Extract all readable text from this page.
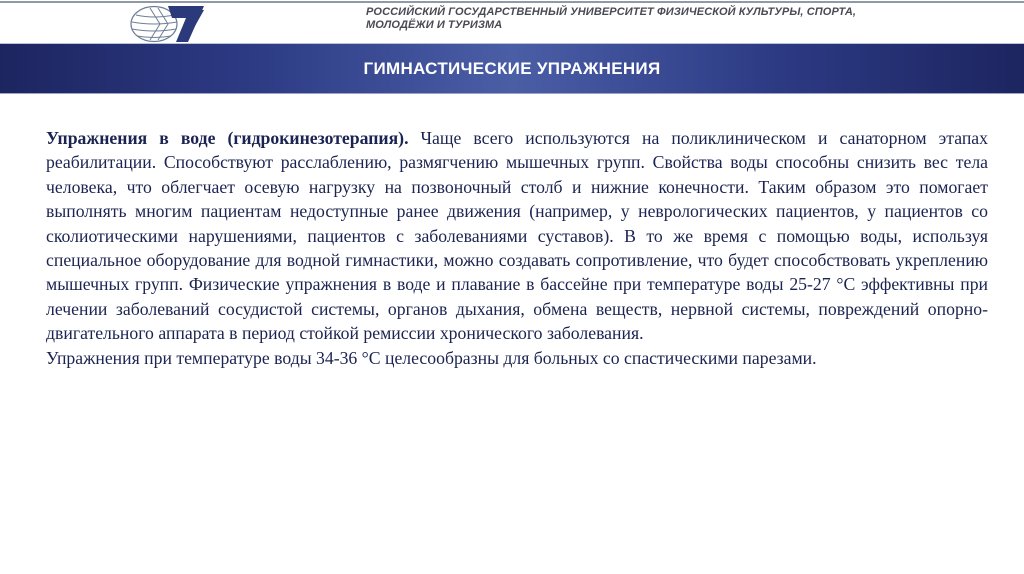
РОССИЙСКИЙ ГОСУДАРСТВЕННЫЙ УНИВЕРСИТЕТ ФИЗИЧЕСКОЙ КУЛЬТУРЫ, СПОРТА,
МОЛОДЁЖИ И ТУРИЗМА
ГИМНАСТИЧЕСКИЕ УПРАЖНЕНИЯ

Упражнения в воде (гидрокинезотерапия). Чаще всего используются на поликлиническом и санаторном этапах реабилитации. Способствуют расслаблению, размягчению мышечных групп. Свойства воды способны снизить вес тела человека, что облегчает осевую нагрузку на позвоночный столб и нижние конечности. Таким образом это помогает выполнять многим пациентам недоступные ранее движения (например, у неврологических пациентов, у пациентов со сколиотическими нарушениями, пациентов с заболеваниями суставов). В то же время с помощью воды, используя специальное оборудование для водной гимнастики, можно создавать сопротивление, что будет способствовать укреплению мышечных групп. Физические упражнения в воде и плавание в бассейне при температуре воды 25-27 °С эффективны при лечении заболеваний сосудистой системы, органов дыхания, обмена веществ, нервной системы, повреждений опорно-двигательного аппарата в период стойкой ремиссии хронического заболевания.

Упражнения при температуре воды 34-36 °С целесообразны для больных со спастическими парезами.
